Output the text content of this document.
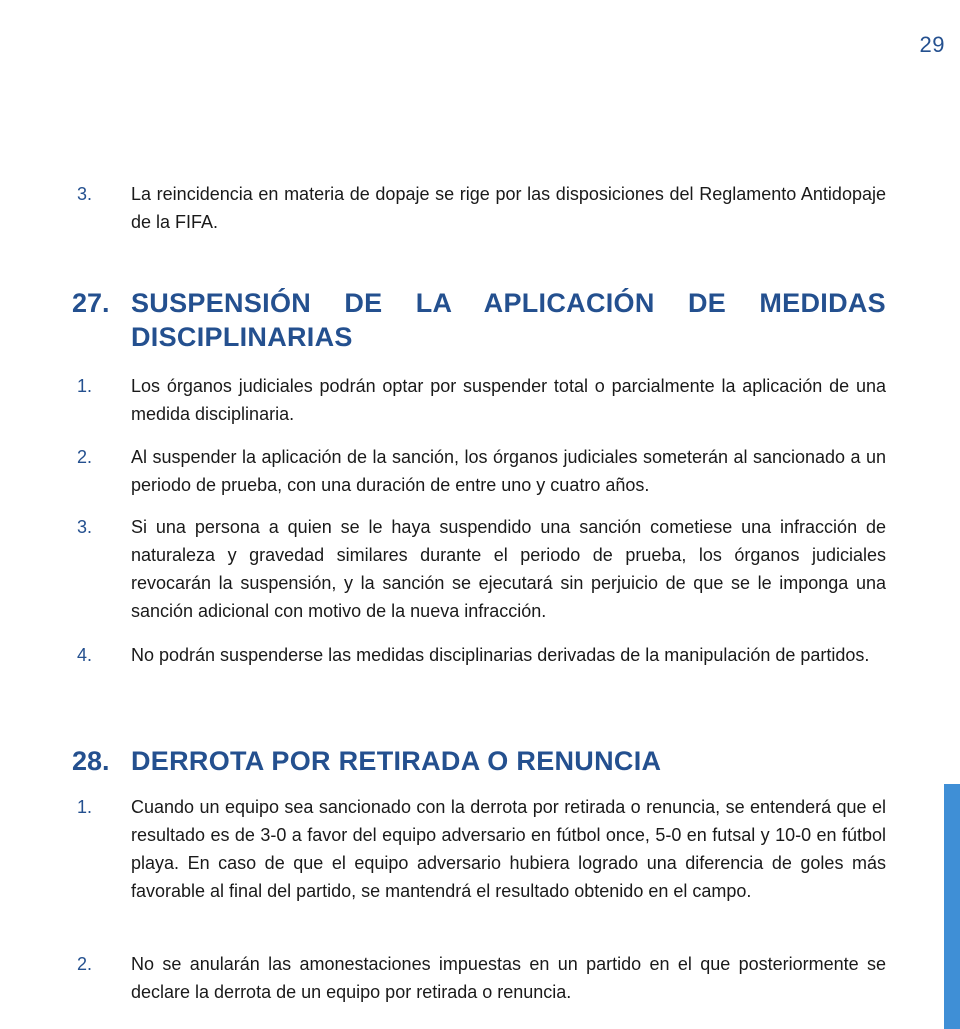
29
3. La reincidencia en materia de dopaje se rige por las disposiciones del Reglamento Antidopaje de la FIFA.
27. SUSPENSIÓN DE LA APLICACIÓN DE MEDIDAS DISCIPLINARIAS
1. Los órganos judiciales podrán optar por suspender total o parcialmente la aplicación de una medida disciplinaria.
2. Al suspender la aplicación de la sanción, los órganos judiciales someterán al sancionado a un periodo de prueba, con una duración de entre uno y cuatro años.
3. Si una persona a quien se le haya suspendido una sanción cometiese una infracción de naturaleza y gravedad similares durante el periodo de prueba, los órganos judiciales revocarán la suspensión, y la sanción se ejecutará sin perjuicio de que se le imponga una sanción adicional con motivo de la nueva infracción.
4. No podrán suspenderse las medidas disciplinarias derivadas de la manipulación de partidos.
28. DERROTA POR RETIRADA O RENUNCIA
1. Cuando un equipo sea sancionado con la derrota por retirada o renuncia, se entenderá que el resultado es de 3-0 a favor del equipo adversario en fútbol once, 5-0 en futsal y 10-0 en fútbol playa. En caso de que el equipo adversario hubiera logrado una diferencia de goles más favorable al final del partido, se mantendrá el resultado obtenido en el campo.
2. No se anularán las amonestaciones impuestas en un partido en el que posteriormente se declare la derrota de un equipo por retirada o renuncia.
